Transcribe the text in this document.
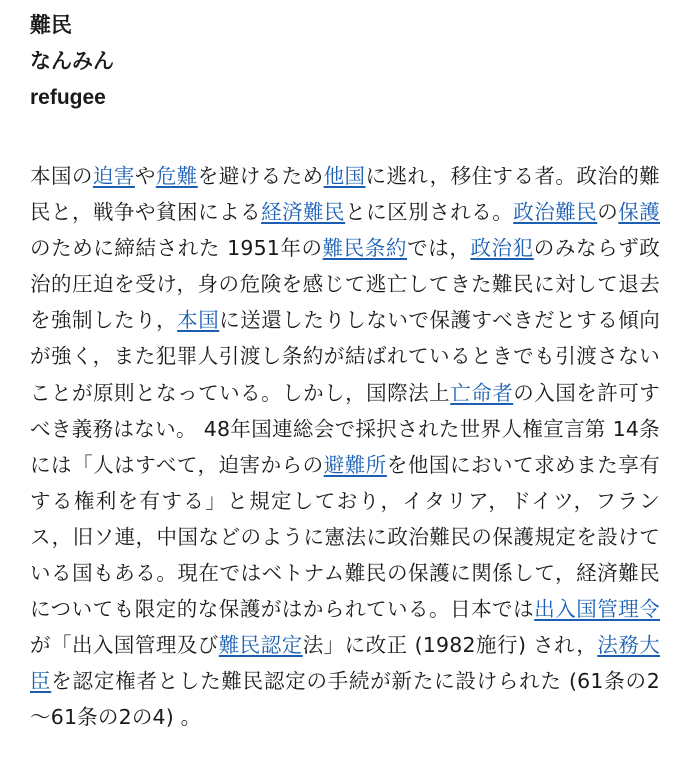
難民
なんみん
refugee
本国の迫害や危難を避けるため他国に逃れ，移住する者。政治的難民と，戦争や貧困による経済難民とに区別される。政治難民の保護のために締結された 1951年の難民条約では，政治犯のみならず政治的圧迫を受け，身の危険を感じて逃亡してきた難民に対して退去を強制したり，本国に送還したりしないで保護すべきだとする傾向が強く，また犯罪人引渡し条約が結ばれているときでも引渡さないことが原則となっている。しかし，国際法上亡命者の入国を許可すべき義務はない。 48年国連総会で採択された世界人権宣言第 14条には「人はすべて，迫害からの避難所を他国において求めまた享有する権利を有する」と規定しており，イタリア，ドイツ，フランス，旧ソ連，中国などのように憲法に政治難民の保護規定を設けている国もある。現在ではベトナム難民の保護に関係して，経済難民についても限定的な保護がはかられている。日本では出入国管理令が「出入国管理及び難民認定法」に改正 (1982施行) され，法務大臣を認定権者とした難民認定の手続が新たに設けられた (61条の2～61条の2の4) 。
